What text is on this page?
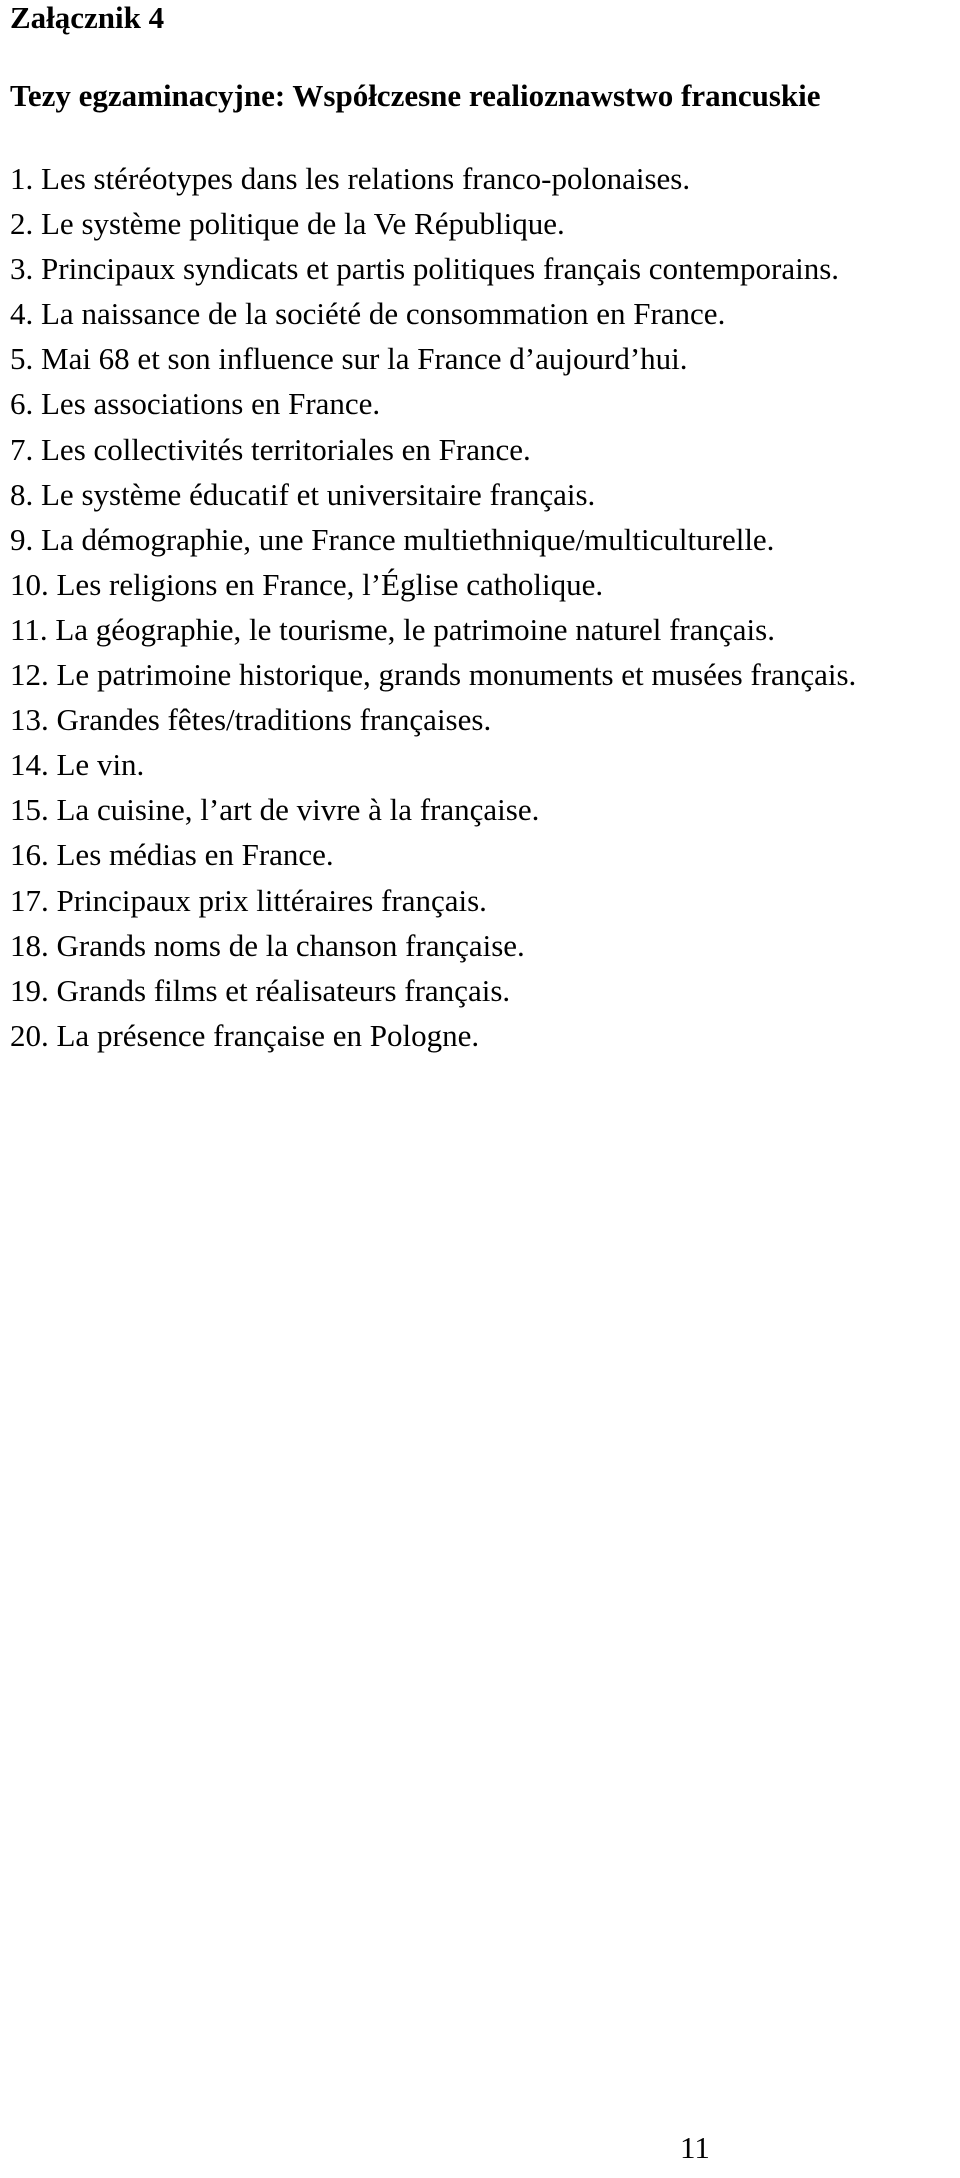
Załącznik 4
Tezy egzaminacyjne: Współczesne realioznawstwo francuskie
1. Les stéréotypes dans les relations franco-polonaises.
2. Le système politique de la Ve République.
3. Principaux syndicats et partis politiques français contemporains.
4. La naissance de la société de consommation en France.
5. Mai 68 et son influence sur la France d’aujourd’hui.
6. Les associations en France.
7. Les collectivités territoriales en France.
8. Le système éducatif et universitaire français.
9. La démographie, une France multiethnique/multiculturelle.
10. Les religions en France, l’Église catholique.
11. La géographie, le tourisme, le patrimoine naturel français.
12. Le patrimoine historique, grands monuments et musées français.
13. Grandes fêtes/traditions françaises.
14. Le vin.
15. La cuisine, l’art de vivre à la française.
16. Les médias en France.
17. Principaux prix littéraires français.
18. Grands noms de la chanson française.
19. Grands films et réalisateurs français.
20. La présence française en Pologne.
11
